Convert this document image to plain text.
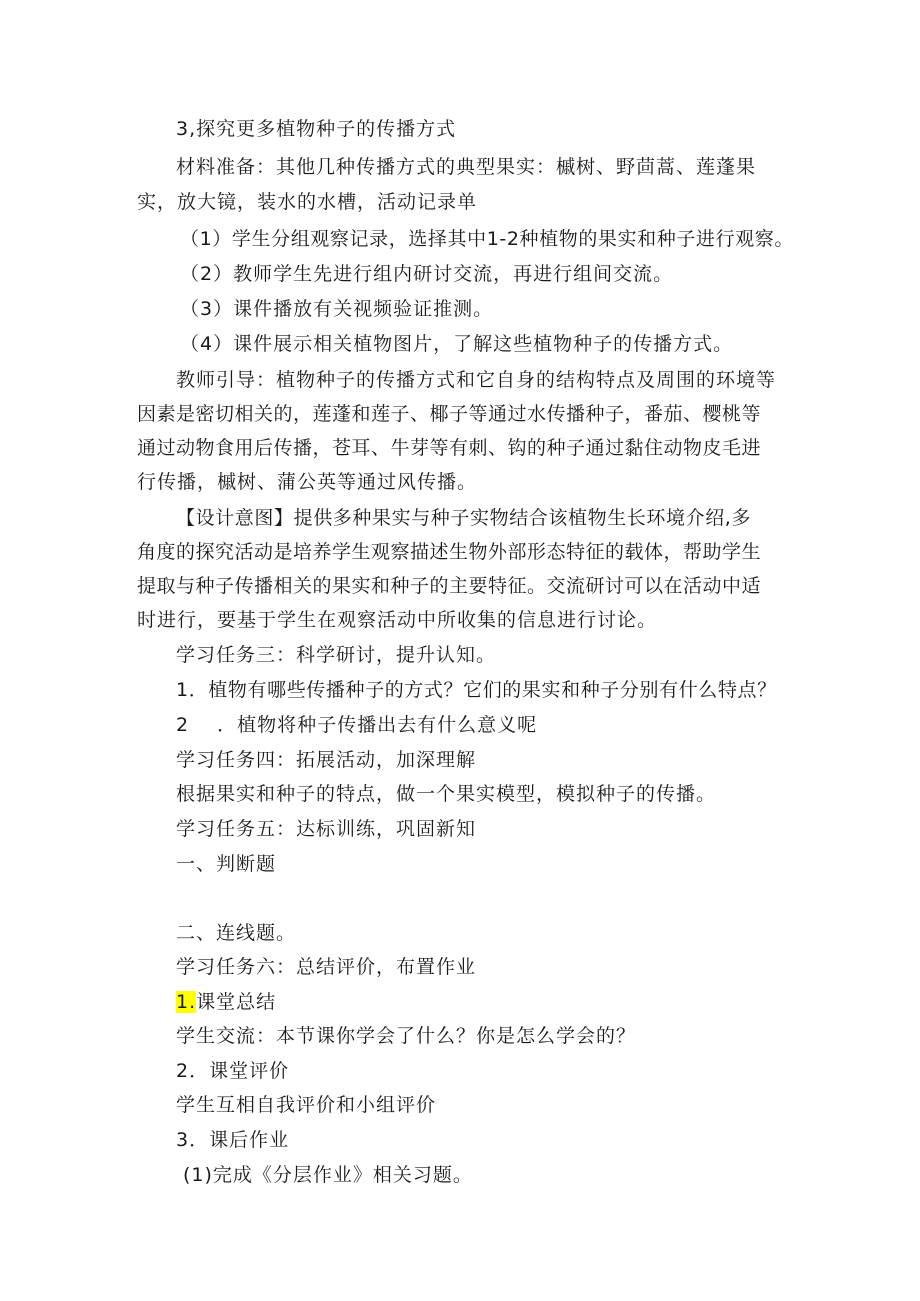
3,探究更多植物种子的传播方式
材料准备：其他几种传播方式的典型果实：槭树、野茴蒿、莲蓬果
实，放大镜，装水的水槽，活动记录单
（1）学生分组观察记录，选择其中1-2种植物的果实和种子进行观察。
（2）教师学生先进行组内研讨交流，再进行组间交流。
（3）课件播放有关视频验证推测。
（4）课件展示相关植物图片，了解这些植物种子的传播方式。
教师引导：植物种子的传播方式和它自身的结构特点及周围的环境等
因素是密切相关的，莲蓬和莲子、椰子等通过水传播种子，番茄、樱桃等
通过动物食用后传播，苍耳、牛芽等有刺、钩的种子通过黏住动物皮毛进
行传播，槭树、蒲公英等通过风传播。
【设计意图】提供多种果实与种子实物结合该植物生长环境介绍,多
角度的探究活动是培养学生观察描述生物外部形态特征的载体，帮助学生
提取与种子传播相关的果实和种子的主要特征。交流研讨可以在活动中适
时进行，要基于学生在观察活动中所收集的信息进行讨论。
学习任务三：科学研讨，提升认知。
1．植物有哪些传播种子的方式？它们的果实和种子分别有什么特点？
2 ．植物将种子传播出去有什么意义呢
学习任务四：拓展活动，加深理解
根据果实和种子的特点，做一个果实模型，模拟种子的传播。
学习任务五：达标训练，巩固新知
一、判断题
二、连线题。
学习任务六：总结评价，布置作业
1.课堂总结
学生交流：本节课你学会了什么？你是怎么学会的？
2．课堂评价
学生互相自我评价和小组评价
3．课后作业
(1)完成《分层作业》相关习题。
